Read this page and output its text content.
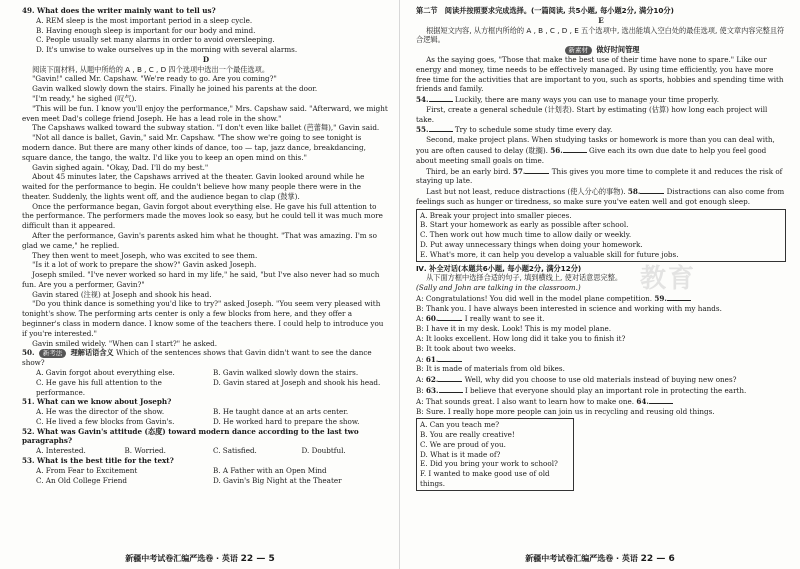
教育

49. What does the writer mainly want to tell us?

A. REM sleep is the most important period in a sleep cycle.

B. Having enough sleep is important for our body and mind.

C. People usually set many alarms in order to avoid oversleeping.

D. It's unwise to wake ourselves up in the morning with several alarms.

D

阅读下面材料, 从题中所给的 A , B , C , D 四个选项中选出一个最佳选项。

"Gavin!" called Mr. Capshaw. "We're ready to go. Are you coming?"

Gavin walked slowly down the stairs. Finally he joined his parents at the door.

"I'm ready," he sighed (叹气).

"This will be fun. I know you'll enjoy the performance," Mrs. Capshaw said. "Afterward, we might even meet Dad's college friend Joseph. He has a lead role in the show."

The Capshaws walked toward the subway station. "I don't even like ballet (芭蕾舞)," Gavin said.

"Not all dance is ballet, Gavin," said Mr. Capshaw. "The show we're going to see tonight is modern dance. But there are many other kinds of dance, too — tap, jazz dance, breakdancing, square dance, the tango, the waltz. I'd like you to keep an open mind on this."

Gavin sighed again. "Okay, Dad. I'll do my best."

About 45 minutes later, the Capshaws arrived at the theater. Gavin looked around while he waited for the performance to begin. He couldn't believe how many people there were in the theater. Suddenly, the lights went off, and the audience began to clap (鼓掌).

Once the performance began, Gavin forgot about everything else. He gave his full attention to the performance. The performers made the moves look so easy, but he could tell it was much more difficult than it appeared.

After the performance, Gavin's parents asked him what he thought. "That was amazing. I'm so glad we came," he replied.

They then went to meet Joseph, who was excited to see them.

"Is it a lot of work to prepare the show?" Gavin asked Joseph.

Joseph smiled. "I've never worked so hard in my life," he said, "but I've also never had so much fun. Are you a performer, Gavin?"

Gavin stared (注视) at Joseph and shook his head.

"Do you think dance is something you'd like to try?" asked Joseph. "You seem very pleased with tonight's show. The performing arts center is only a few blocks from here, and they offer a beginner's class in modern dance. I know some of the teachers there. I could help to introduce you if you're interested."

Gavin smiled widely. "When can I start?" he asked.

50. 新考法 理解话语含义 Which of the sentences shows that Gavin didn't want to see the dance show?

A. Gavin forgot about everything else.	B. Gavin walked slowly down the stairs.
C. He gave his full attention to the performance.
D. Gavin stared at Joseph and shook his head.

51. What can we know about Joseph?

A. He was the director of the show.	B. He taught dance at an arts center.
C. He lived a few blocks from Gavin's.	D. He worked hard to prepare the show.

52. What was Gavin's attitude (态度) toward modern dance according to the last two paragraphs?

A. Interested.	B. Worried.	C. Satisfied.	D. Doubtful.

53. What is the best title for the text?

A. From Fear to Excitement	B. A Father with an Open Mind
C. An Old College Friend	D. Gavin's Big Night at the Theater
新疆中考试卷汇编严选卷 · 英语 22 — 5

第二节　阅读并按照要求完成选择。(一篇阅读, 共5小题, 每小题2分, 满分10分)

E

根据短文内容, 从方框内所给的 A , B , C , D , E 五个选项中, 选出能填入空白处的最佳选项, 使文章内容完整且符合逻辑。

新素材 做好时间管理

As the saying goes, "Those that make the best use of their time have none to spare." Like our energy and money, time needs to be effectively managed. By using time efficiently, you have more free time for the activities that are important to you, such as sports, hobbies and spending time with friends and family.

54.	Luckily, there are many ways you can use to manage your time properly.

First, create a general schedule (计划表). Start by estimating (估算) how long each project will take.

55.	Try to schedule some study time every day.

Second, make project plans. When studying tasks or homework is more than you can deal with, you are often caused to delay (耽搁). 56.	Give each its own due date to help you feel good about meeting small goals on time.

Third, be an early bird. 57.	This gives you more time to complete it and reduces the risk of staying up late.

Last but not least, reduce distractions (使人分心的事物). 58.	Distractions can also come from feelings such as hunger or tiredness, so make sure you've eaten well and got enough sleep.

A. Break your project into smaller pieces.

B. Start your homework as early as possible after school.

C. Then work out how much time to allow daily or weekly.

D. Put away unnecessary things when doing your homework.

E. What's more, it can help you develop a valuable skill for future jobs.

Ⅳ. 补全对话(本题共6小题, 每小题2分, 满分12分)

从下面方框中选择合适的句子, 填到横线上, 使对话意思完整。

(Sally and John are talking in the classroom.)

A: Congratulations! You did well in the model plane competition. 59.

B: Thank you. I have always been interested in science and working with my hands.

A: 60.	I really want to see it.

B: I have it in my desk. Look! This is my model plane.

A: It looks excellent. How long did it take you to finish it?

B: It took about two weeks.

A: 61.

B: It is made of materials from old bikes.

A: 62.	Well, why did you choose to use old materials instead of buying new ones?

B: 63.	I believe that everyone should play an important role in protecting the earth.

A: That sounds great. I also want to learn how to make one. 64.

B: Sure. I really hope more people can join us in recycling and reusing old things.

A. Can you teach me?

B. You are really creative!

C. We are proud of you.

D. What is it made of?

E. Did you bring your work to school?

F. I wanted to make good use of old things.

新疆中考试卷汇编严选卷 · 英语 22 — 6
